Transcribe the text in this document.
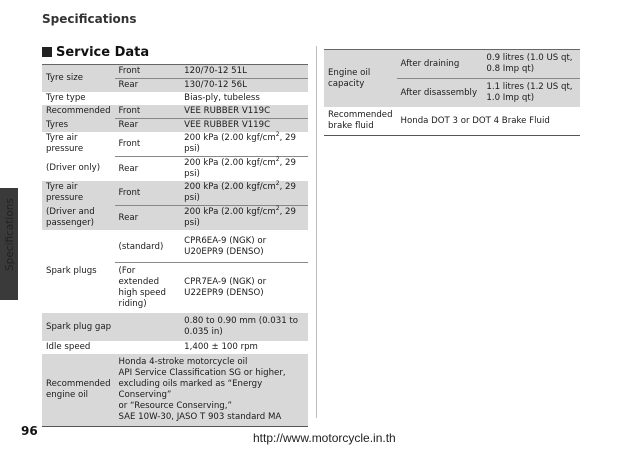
Specifications
Specifications
Service Data
Tyre size	Front	120/70-12 51L
	Rear	130/70-12 56L
Tyre type		Bias-ply, tubeless
Recommended	Front	VEE RUBBER V119C
Tyres	Rear	VEE RUBBER V119C
Tyre air pressure	Front	200 kPa (2.00 kgf/$cm^2$, 29 psi)
(Driver only)	Rear	200 kPa (2.00 kgf/$cm^2$, 29 psi)
Tyre air pressure	Front	200 kPa (2.00 kgf/$cm^2$, 29 psi)
(Driver and
passenger)	Rear	200 kPa (2.00 kgf/$cm^2$, 29 psi)
Spark plugs	(standard)	CPR6EA-9 (NGK) or
U20EPR9 (DENSO)
	(For extended
high speed
riding)	CPR7EA-9 (NGK) or
U22EPR9 (DENSO)
Spark plug gap		0.80 to 0.90 mm (0.031 to
0.035 in)
Idle speed		1,400 ± 100 rpm
Recommended
engine oil	Honda 4-stroke motorcycle oil
API Service Classification SG or higher,
excluding oils marked as “Energy Conserving”
or “Resource Conserving,”
SAE 10W-30, JASO T 903 standard MA	
Engine oil
capacity	After draining	0.9 litres (1.0 US qt,
0.8 Imp qt)
	After disassembly	1.1 litres (1.2 US qt,
1.0 Imp qt)
Recommended
brake fluid	Honda DOT 3 or DOT 4 Brake Fluid	
96	http://www.motorcycle.in.th
